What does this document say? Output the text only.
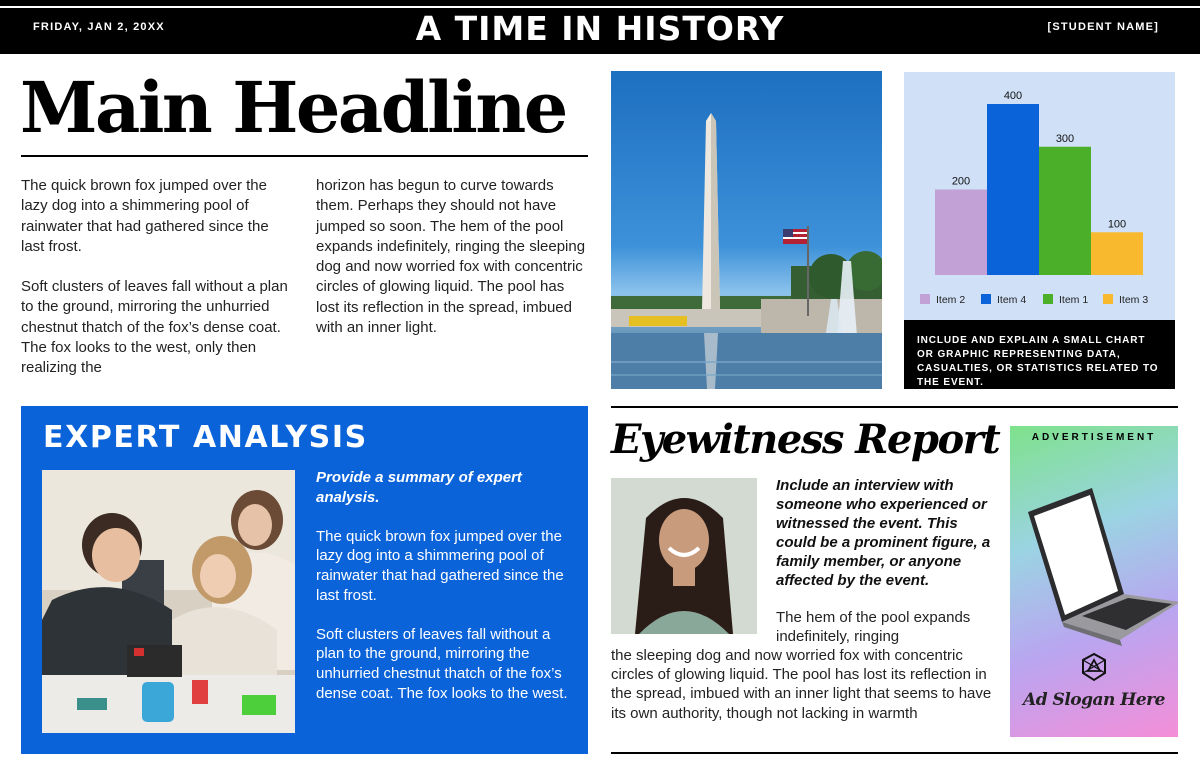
FRIDAY, JAN 2, 20XX	A TIME IN HISTORY	[STUDENT NAME]
Main Headline

The quick brown fox jumped over the lazy dog into a shimmering pool of rainwater that had gathered since the last frost.

Soft clusters of leaves fall without a plan to the ground, mirroring the unhurried chestnut thatch of the fox’s dense coat. The fox looks to the west, only then realizing the

horizon has begun to curve towards them. Perhaps they should not have jumped so soon. The hem of the pool expands indefinitely, ringing the sleeping dog and now worried fox with concentric circles of glowing liquid. The pool has lost its reflection in the spread, imbued with an inner light.

200
400
300
100
Item 2	Item 4	Item 1	Item 3
INCLUDE AND EXPLAIN A SMALL CHART OR GRAPHIC REPRESENTING DATA, CASUALTIES, OR STATISTICS RELATED TO THE EVENT.
EXPERT ANALYSIS

Provide a summary of expert analysis.

The quick brown fox jumped over the lazy dog into a shimmering pool of rainwater that had gathered since the last frost.

Soft clusters of leaves fall without a plan to the ground, mirroring the unhurried chestnut thatch of the fox’s dense coat. The fox looks to the west.

Eyewitness Report
Include an interview with someone who experienced or witnessed the event. This could be a prominent figure, a family member, or anyone affected by the event.
The hem of the pool expands indefinitely, ringing
the sleeping dog and now worried fox with concentric circles of glowing liquid. The pool has lost its reflection in the spread, imbued with an inner light that seems to have its own authority, though not lacking in warmth
ADVERTISEMENT
Ad Slogan Here
